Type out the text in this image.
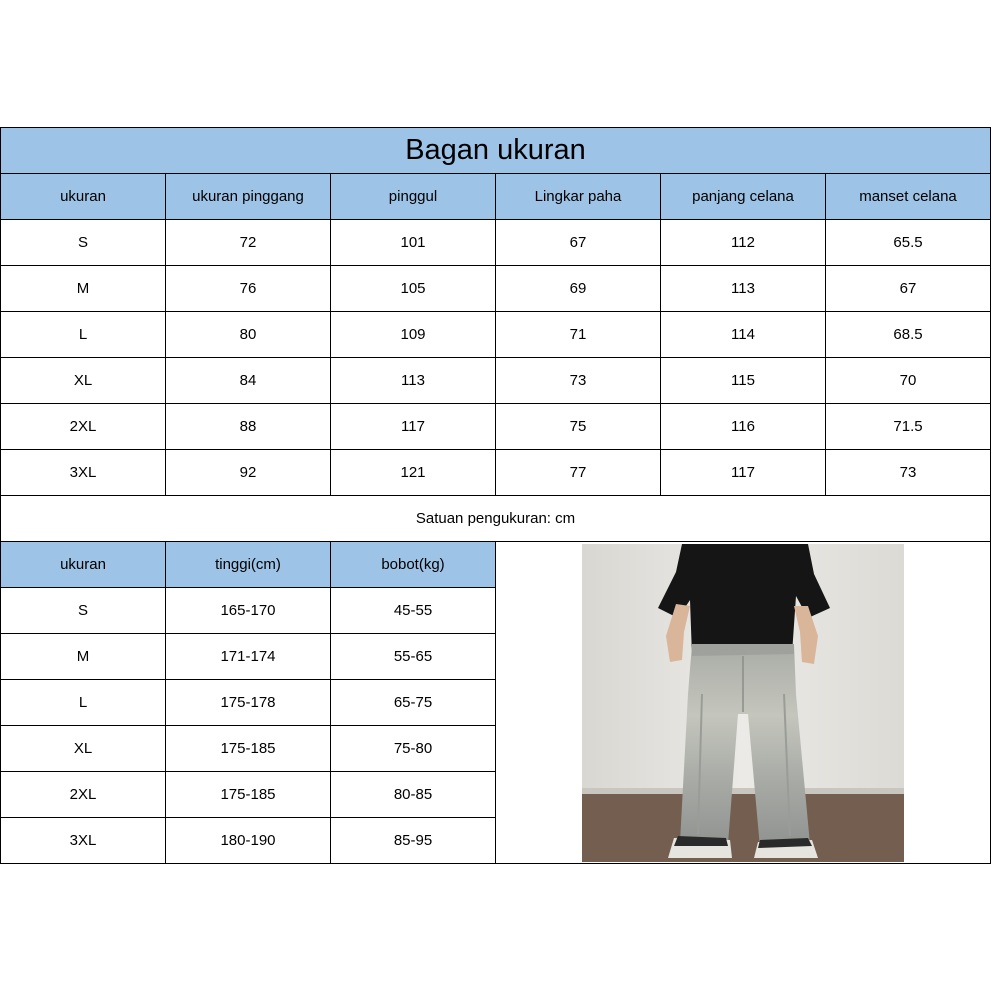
Bagan ukuran
ukuran	ukuran pinggang	pinggul	Lingkar paha	panjang celana	manset celana
S	72	101	67	112	65.5
M	76	105	69	113	67
L	80	109	71	114	68.5
XL	84	113	73	115	70
2XL	88	117	75	116	71.5
3XL	92	121	77	117	73
Satuan pengukuran: cm
ukuran	tinggi(cm)	bobot(kg)
S	165-170	45-55
M	171-174	55-65
L	175-178	65-75
XL	175-185	75-80
2XL	175-185	80-85
3XL	180-190	85-95
